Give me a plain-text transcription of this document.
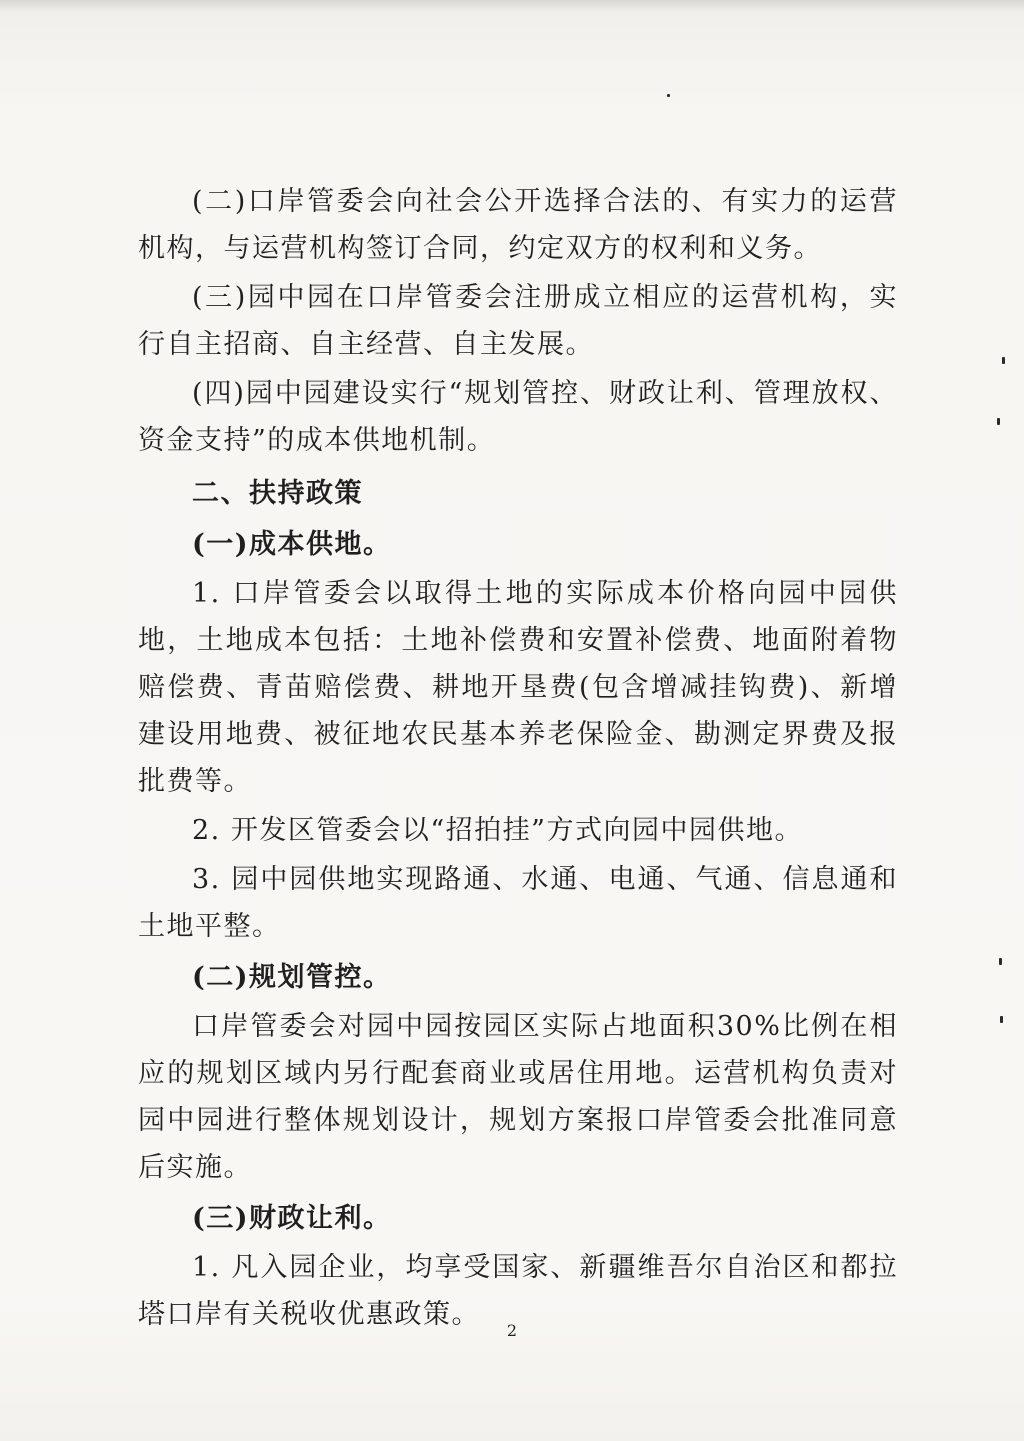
(二)口岸管委会向社会公开选择合法的、有实力的运营机构，与运营机构签订合同，约定双方的权利和义务。

(三)园中园在口岸管委会注册成立相应的运营机构，实行自主招商、自主经营、自主发展。

(四)园中园建设实行“规划管控、财政让利、管理放权、资金支持”的成本供地机制。

二、扶持政策

(一)成本供地。

1. 口岸管委会以取得土地的实际成本价格向园中园供地，土地成本包括：土地补偿费和安置补偿费、地面附着物赔偿费、青苗赔偿费、耕地开垦费(包含增减挂钩费)、新增建设用地费、被征地农民基本养老保险金、勘测定界费及报批费等。

2. 开发区管委会以“招拍挂”方式向园中园供地。

3. 园中园供地实现路通、水通、电通、气通、信息通和土地平整。

(二)规划管控。

口岸管委会对园中园按园区实际占地面积30%比例在相应的规划区域内另行配套商业或居住用地。运营机构负责对园中园进行整体规划设计，规划方案报口岸管委会批准同意后实施。

(三)财政让利。

1. 凡入园企业，均享受国家、新疆维吾尔自治区和都拉塔口岸有关税收优惠政策。

2
